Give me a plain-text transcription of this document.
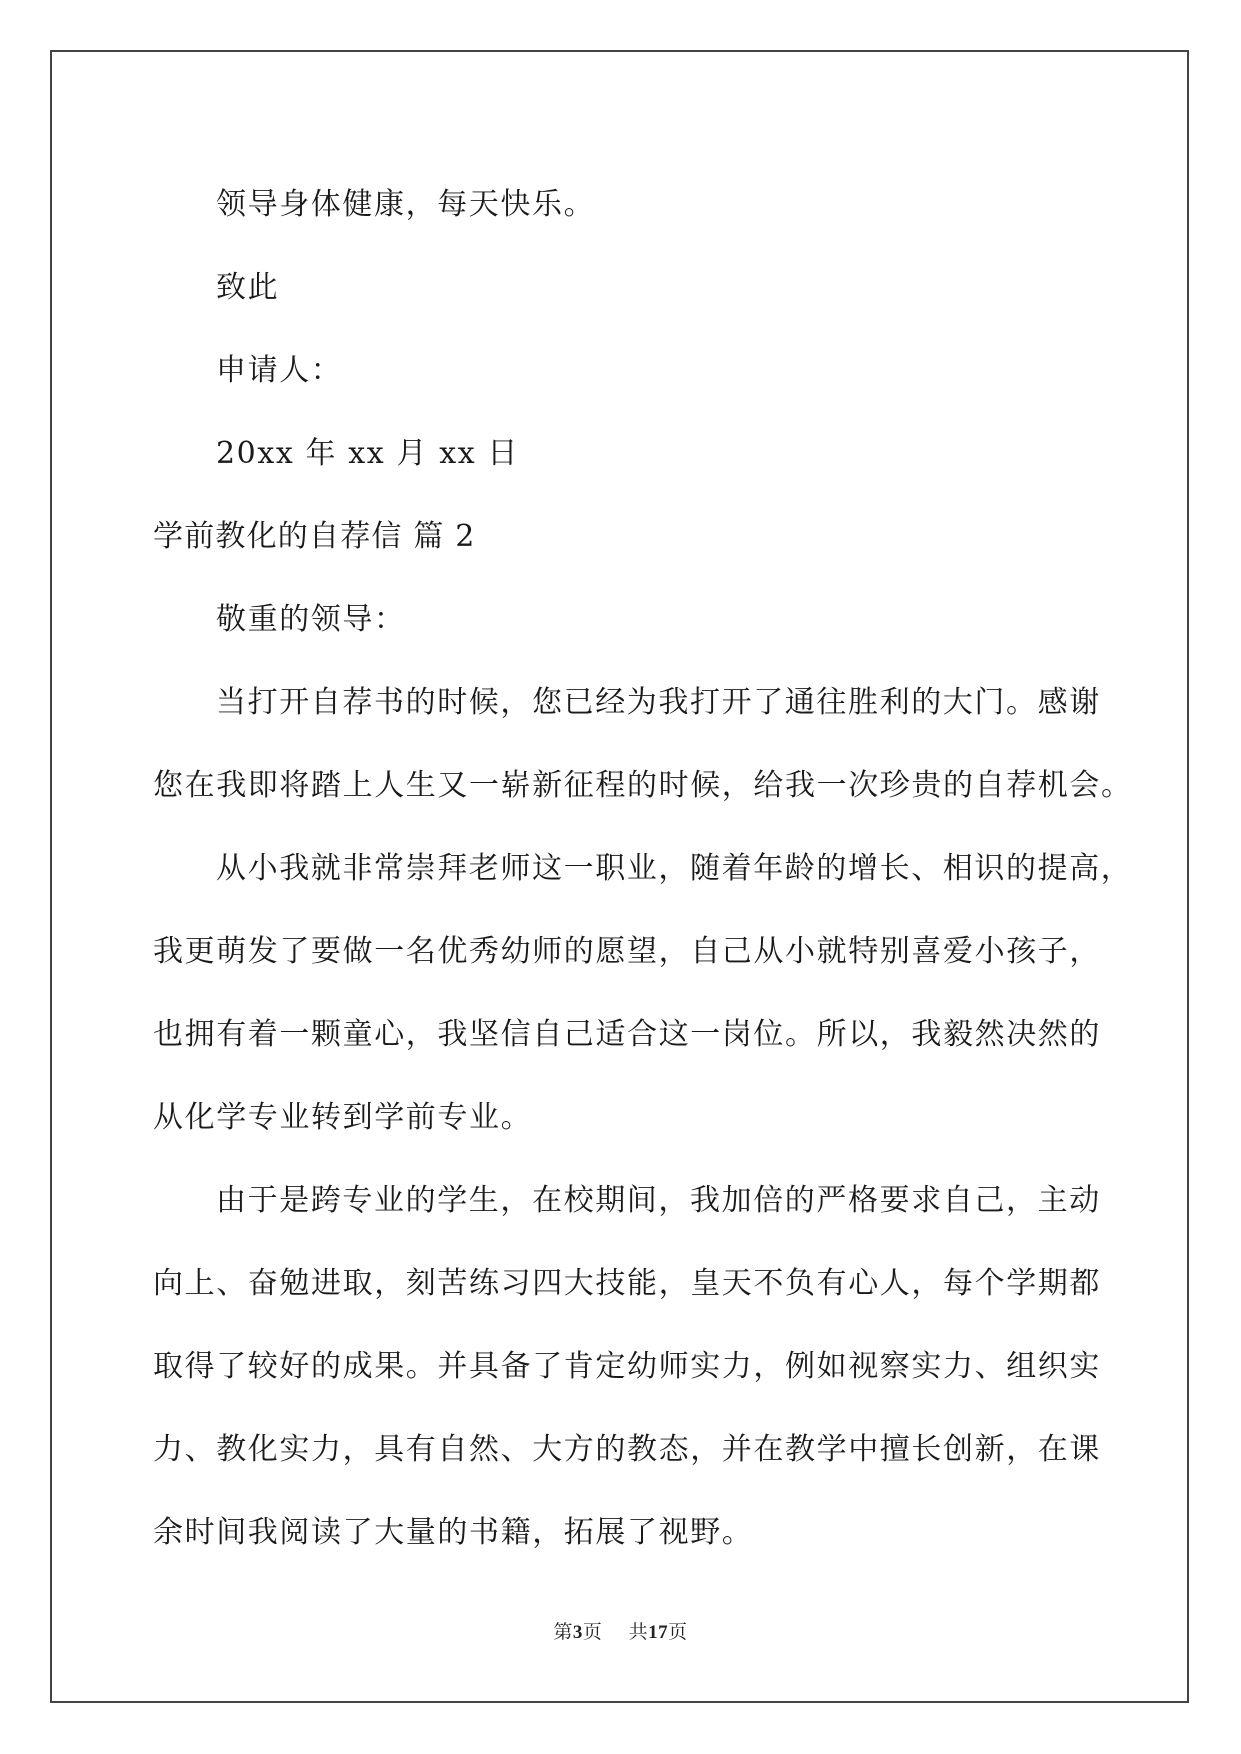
领导身体健康，每天快乐。
致此
申请人：
20xx 年 xx 月 xx 日
学前教化的自荐信 篇 2
敬重的领导：
当打开自荐书的时候，您已经为我打开了通往胜利的大门。感谢
您在我即将踏上人生又一崭新征程的时候，给我一次珍贵的自荐机会。
从小我就非常崇拜老师这一职业，随着年龄的增长、相识的提高，
我更萌发了要做一名优秀幼师的愿望，自己从小就特别喜爱小孩子，
也拥有着一颗童心，我坚信自己适合这一岗位。所以，我毅然决然的
从化学专业转到学前专业。
由于是跨专业的学生，在校期间，我加倍的严格要求自己，主动
向上、奋勉进取，刻苦练习四大技能，皇天不负有心人，每个学期都
取得了较好的成果。并具备了肯定幼师实力，例如视察实力、组织实
力、教化实力，具有自然、大方的教态，并在教学中擅长创新，在课
余时间我阅读了大量的书籍，拓展了视野。
第3页 共17页
